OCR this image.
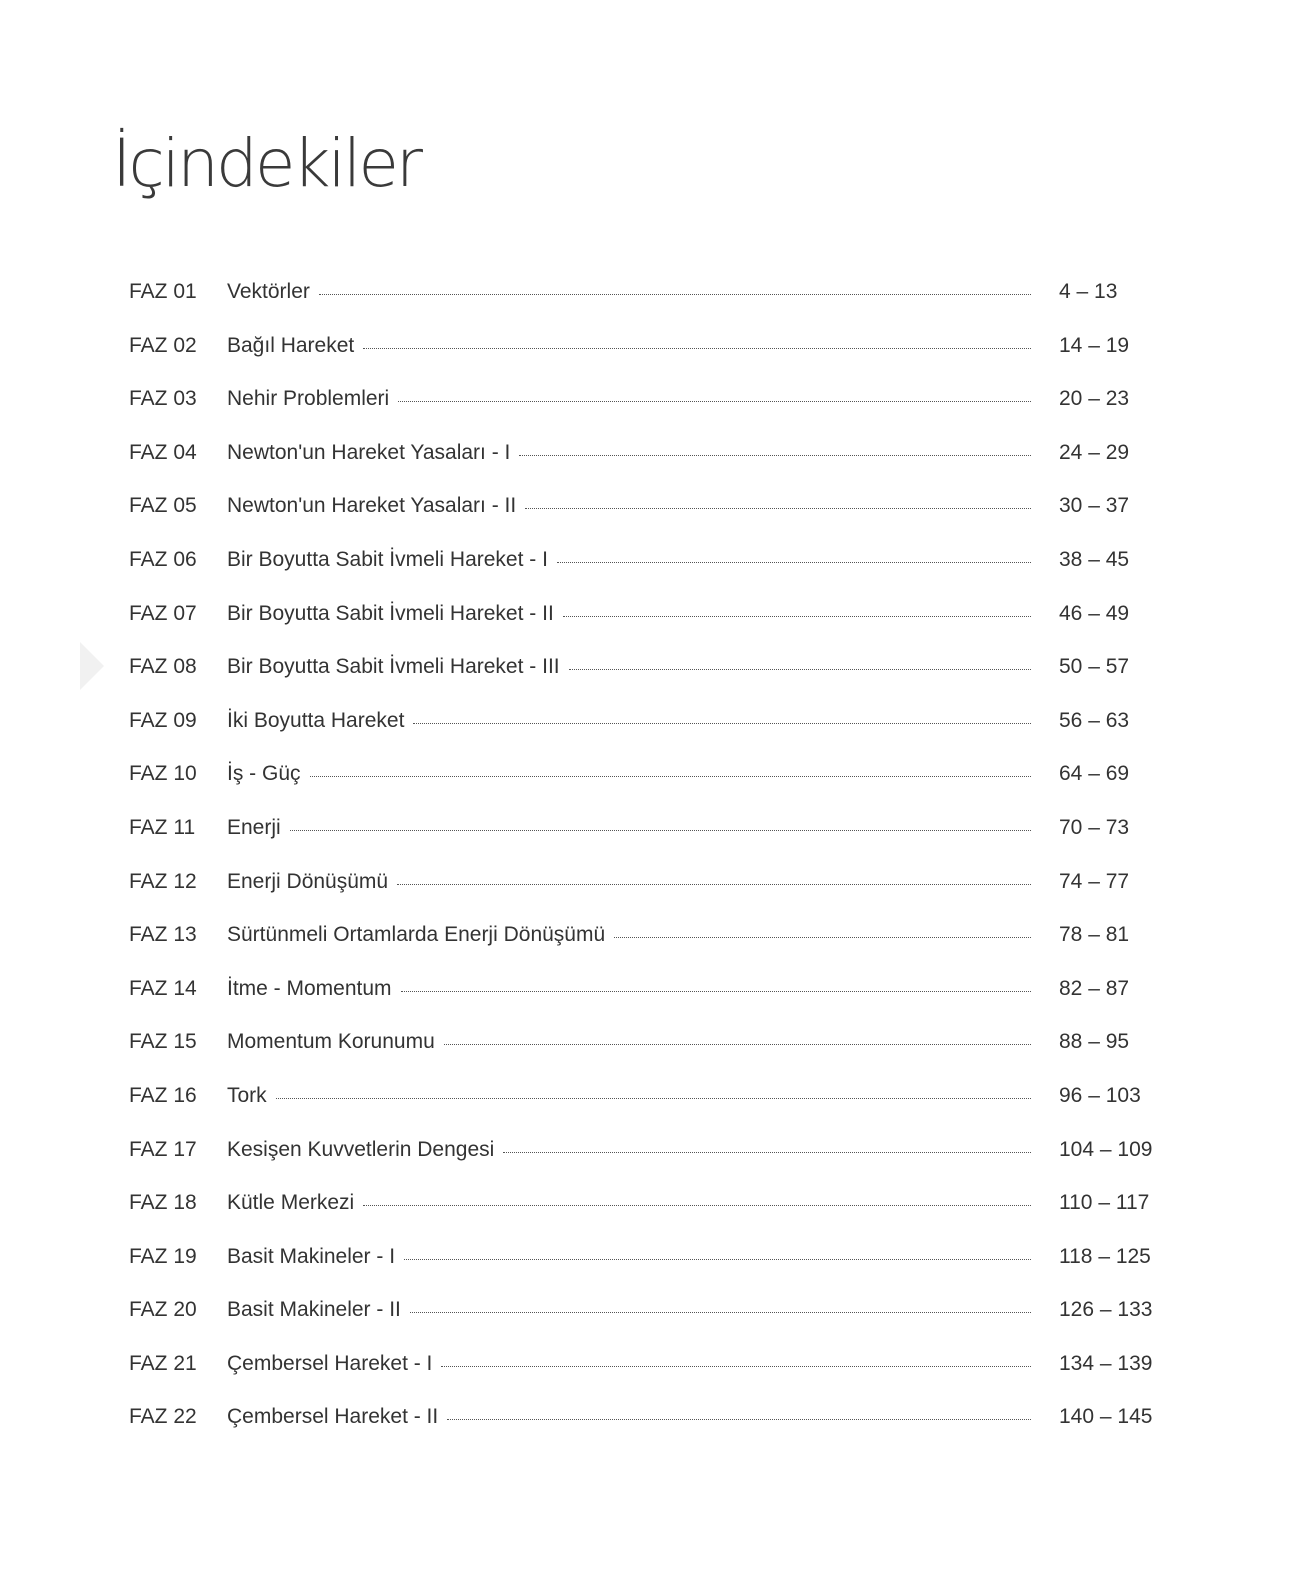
İçindekiler
FAZ 01	Vektörler	4 – 13
FAZ 02	Bağıl Hareket	14 – 19
FAZ 03	Nehir Problemleri	20 – 23
FAZ 04	Newton'un Hareket Yasaları - I	24 – 29
FAZ 05	Newton'un Hareket Yasaları - II	30 – 37
FAZ 06	Bir Boyutta Sabit İvmeli Hareket - I	38 – 45
FAZ 07	Bir Boyutta Sabit İvmeli Hareket - II	46 – 49
FAZ 08	Bir Boyutta Sabit İvmeli Hareket - III	50 – 57
FAZ 09	İki Boyutta Hareket	56 – 63
FAZ 10	İş - Güç	64 – 69
FAZ 11	Enerji	70 – 73
FAZ 12	Enerji Dönüşümü	74 – 77
FAZ 13	Sürtünmeli Ortamlarda Enerji Dönüşümü	78 – 81
FAZ 14	İtme - Momentum	82 – 87
FAZ 15	Momentum Korunumu	88 – 95
FAZ 16	Tork	96 – 103
FAZ 17	Kesişen Kuvvetlerin Dengesi	104 – 109
FAZ 18	Kütle Merkezi	110 – 117
FAZ 19	Basit Makineler - I	118 – 125
FAZ 20	Basit Makineler - II	126 – 133
FAZ 21	Çembersel Hareket - I	134 – 139
FAZ 22	Çembersel Hareket - II	140 – 145
